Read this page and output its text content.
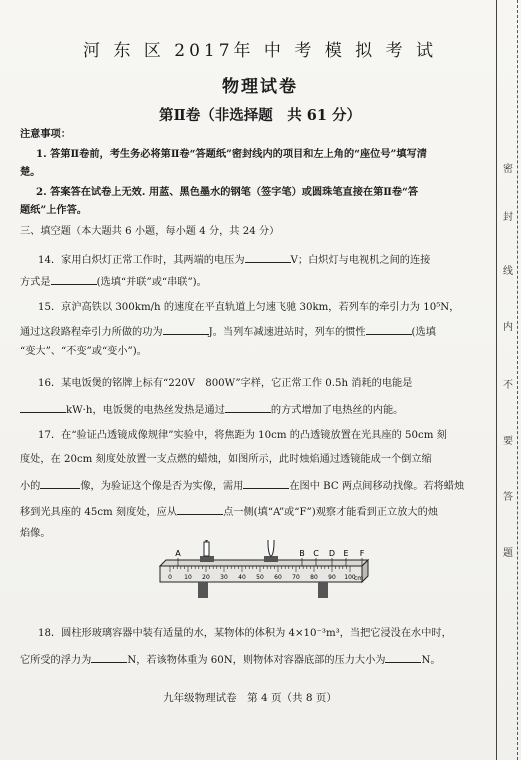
河 东 区 2017年 中 考 模 拟 考 试
物理试卷
第Ⅱ卷（非选择题　共 61 分）
注意事项：
1. 答第Ⅱ卷前，考生务必将第Ⅱ卷“答题纸”密封线内的项目和左上角的“座位号”填写清
楚。
2. 答案答在试卷上无效. 用蓝、黑色墨水的钢笔（签字笔）或圆珠笔直接在第Ⅱ卷“答
题纸”上作答。
三、填空题（本大题共 6 小题，每小题 4 分，共 24 分）
14．家用白炽灯正常工作时，其两端的电压为	V；白炽灯与电视机之间的连接
方式是	(选填“并联”或“串联”)。
15．京沪高铁以 300km/h 的速度在平直轨道上匀速飞驰 30km，若列车的牵引力为 10⁵N，
通过这段路程牵引力所做的功为	J。当列车减速进站时，列车的惯性	(选填
“变大”、“不变”或“变小”)。
16．某电饭煲的铭牌上标有“220V　800W”字样，它正常工作 0.5h 消耗的电能是
kW·h，电饭煲的电热丝发热是通过	的方式增加了电热丝的内能。
17．在“验证凸透镜成像规律”实验中，将焦距为 10cm 的凸透镜放置在光具座的 50cm 刻
度处，在 20cm 刻度处放置一支点燃的蜡烛，如图所示，此时烛焰通过透镜能成一个倒立缩
小的	像，为验证这个像是否为实像，需用	在图中 BC 两点间移动找像。若将蜡烛
移到光具座的 45cm 刻度处，应从	点一侧(填“A”或“F”)观察才能看到正立放大的烛
焰像。
18．圆柱形玻璃容器中装有适量的水，某物体的体积为 4×10⁻³m³，当把它浸没在水中时，
它所受的浮力为	N，若该物体重为 60N，则物体对容器底部的压力大小为	N。
0 10 20 30 40 50 60 70 80 90 100
cm
A	B C D E F
九年级物理试卷　第 4 页（共 8 页）
密
封
线
内
不
要
答
题
